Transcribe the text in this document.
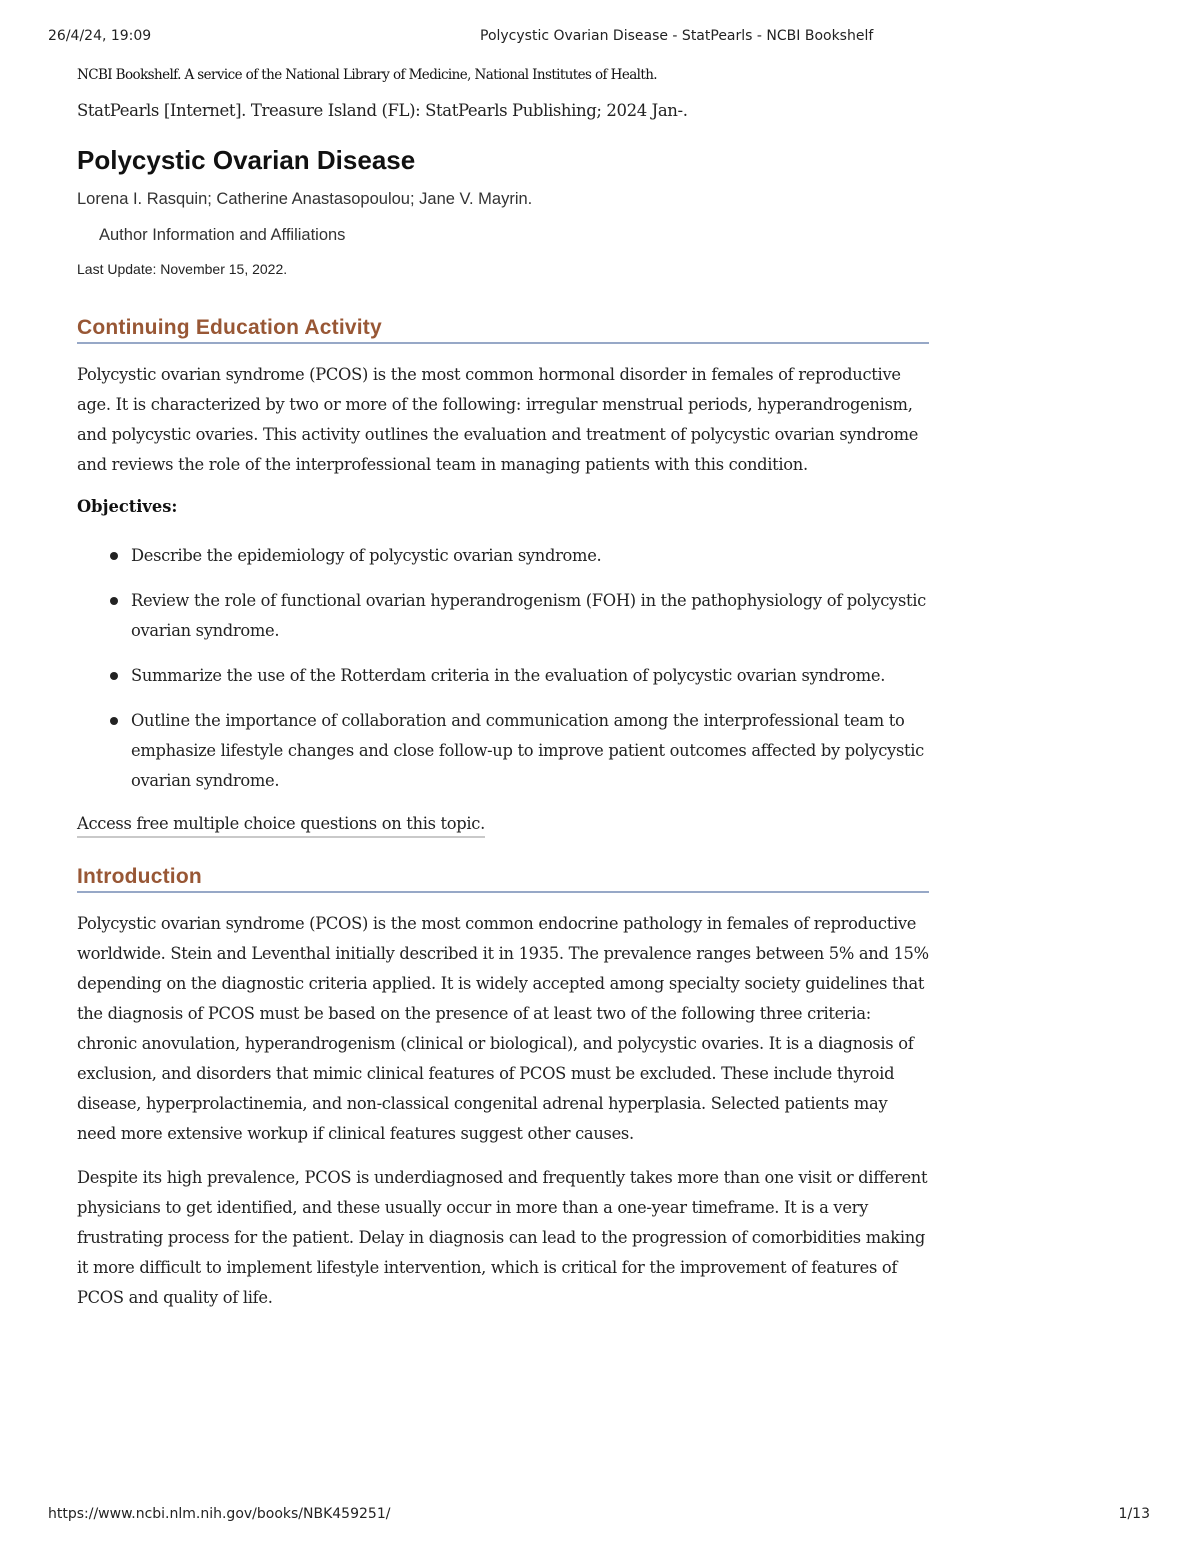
26/4/24, 19:09	Polycystic Ovarian Disease - StatPearls - NCBI Bookshelf

NCBI Bookshelf. A service of the National Library of Medicine, National Institutes of Health.

StatPearls [Internet]. Treasure Island (FL): StatPearls Publishing; 2024 Jan-.

Polycystic Ovarian Disease
Lorena I. Rasquin; Catherine Anastasopoulou; Jane V. Mayrin.
Author Information and Affiliations
Last Update: November 15, 2022.
Continuing Education Activity

Polycystic ovarian syndrome (PCOS) is the most common hormonal disorder in females of reproductive age. It is characterized by two or more of the following: irregular menstrual periods, hyperandrogenism, and polycystic ovaries. This activity outlines the evaluation and treatment of polycystic ovarian syndrome and reviews the role of the interprofessional team in managing patients with this condition.

Objectives:
Describe the epidemiology of polycystic ovarian syndrome.
Review the role of functional ovarian hyperandrogenism (FOH) in the pathophysiology of polycystic ovarian syndrome.
Summarize the use of the Rotterdam criteria in the evaluation of polycystic ovarian syndrome.
Outline the importance of collaboration and communication among the interprofessional team to emphasize lifestyle changes and close follow-up to improve patient outcomes affected by polycystic ovarian syndrome.
Access free multiple choice questions on this topic.
Introduction

Polycystic ovarian syndrome (PCOS) is the most common endocrine pathology in females of reproductive worldwide. Stein and Leventhal initially described it in 1935. The prevalence ranges between 5% and 15% depending on the diagnostic criteria applied. It is widely accepted among specialty society guidelines that the diagnosis of PCOS must be based on the presence of at least two of the following three criteria: chronic anovulation, hyperandrogenism (clinical or biological), and polycystic ovaries. It is a diagnosis of exclusion, and disorders that mimic clinical features of PCOS must be excluded. These include thyroid disease, hyperprolactinemia, and non-classical congenital adrenal hyperplasia. Selected patients may need more extensive workup if clinical features suggest other causes.

Despite its high prevalence, PCOS is underdiagnosed and frequently takes more than one visit or different physicians to get identified, and these usually occur in more than a one-year timeframe. It is a very frustrating process for the patient. Delay in diagnosis can lead to the progression of comorbidities making it more difficult to implement lifestyle intervention, which is critical for the improvement of features of PCOS and quality of life.

https://www.ncbi.nlm.nih.gov/books/NBK459251/	1/13
